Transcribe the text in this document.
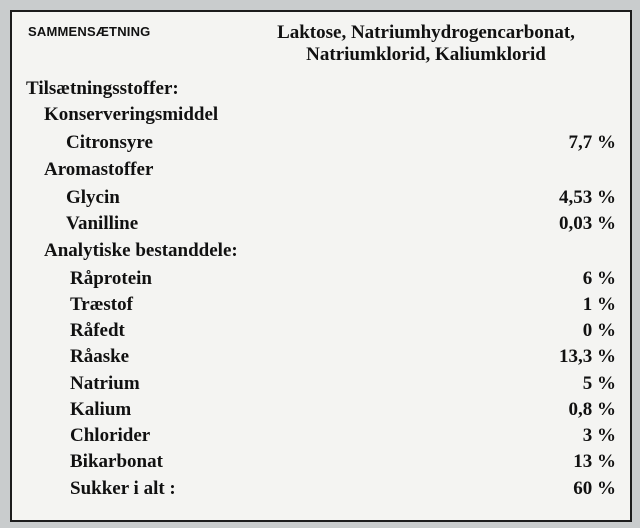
SAMMENSÆTNING	Laktose, Natriumhydrogencarbonat,
Natriumklorid, Kaliumklorid
Tilsætningsstoffer:
Konserveringsmiddel
Citronsyre	7,7 %
Aromastoffer
Glycin	4,53 %
Vanilline	0,03 %
Analytiske bestanddele:
Råprotein	6 %
Træstof	1 %
Råfedt	0 %
Råaske	13,3 %
Natrium	5 %
Kalium	0,8 %
Chlorider	3 %
Bikarbonat	13 %
Sukker i alt :	60 %
